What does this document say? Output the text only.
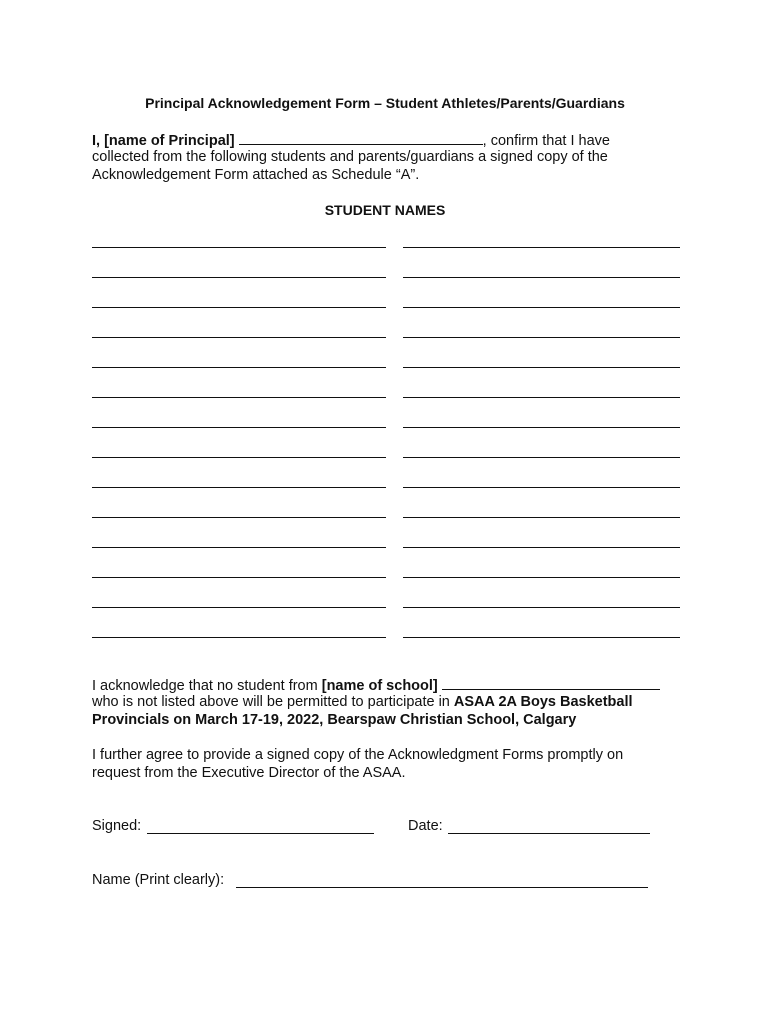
Principal Acknowledgement Form – Student Athletes/Parents/Guardians
I, [name of Principal]	, confirm that I have
collected from the following students and parents/guardians a signed copy of the
Acknowledgement Form attached as Schedule “A”.
STUDENT NAMES
I acknowledge that no student from [name of school]
who is not listed above will be permitted to participate in ASAA 2A Boys Basketball
Provincials on March 17-19, 2022, Bearspaw Christian School, Calgary
I further agree to provide a signed copy of the Acknowledgment Forms promptly on
request from the Executive Director of the ASAA.
Signed:	Date:
Name (Print clearly):
